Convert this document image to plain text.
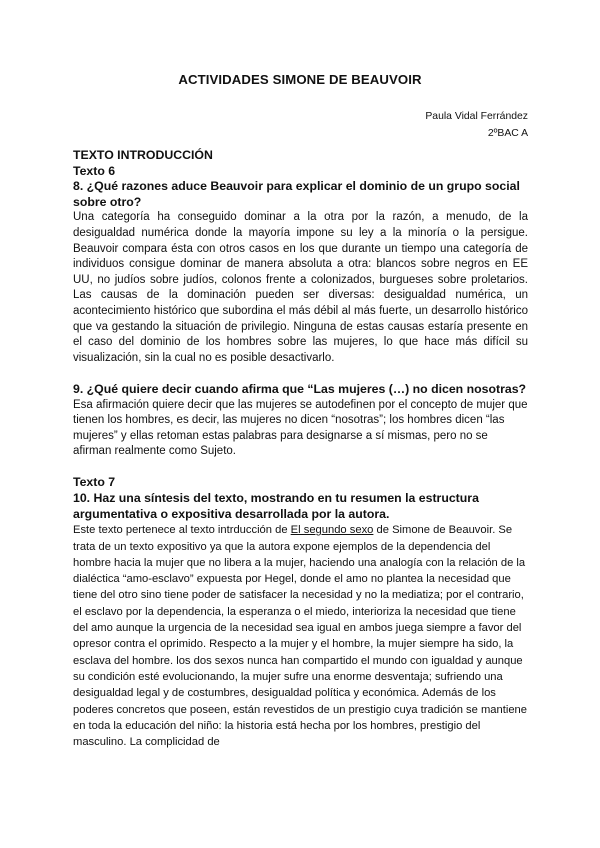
ACTIVIDADES SIMONE DE BEAUVOIR
Paula Vidal Ferrández
2ºBAC A
TEXTO INTRODUCCIÓN
Texto 6
8. ¿Qué razones aduce Beauvoir para explicar el dominio de un grupo social sobre otro?

Una categoría ha conseguido dominar a la otra por la razón, a menudo, de la desigualdad numérica donde la mayoría impone su ley a la minoría o la persigue. Beauvoir compara ésta con otros casos en los que durante un tiempo una categoría de individuos consigue dominar de manera absoluta a otra: blancos sobre negros en EE UU, no judíos sobre judíos, colonos frente a colonizados, burgueses sobre proletarios. Las causas de la dominación pueden ser diversas: desigualdad numérica, un acontecimiento histórico que subordina el más débil al más fuerte, un desarrollo histórico que va gestando la situación de privilegio. Ninguna de estas causas estaría presente en el caso del dominio de los hombres sobre las mujeres, lo que hace más difícil su visualización, sin la cual no es posible desactivarlo.

9. ¿Qué quiere decir cuando afirma que “Las mujeres (…) no dicen nosotras?

Esa afirmación quiere decir que las mujeres se autodefinen por el concepto de mujer que tienen los hombres, es decir, las mujeres no dicen “nosotras”; los hombres dicen “las mujeres” y ellas retoman estas palabras para designarse a sí mismas, pero no se afirman realmente como Sujeto.

Texto 7
10. Haz una síntesis del texto, mostrando en tu resumen la estructura argumentativa o expositiva desarrollada por la autora.

Este texto pertenece al texto intrducción de El segundo sexo de Simone de Beauvoir. Se trata de un texto expositivo ya que la autora expone ejemplos de la dependencia del hombre hacia la mujer que no libera a la mujer, haciendo una analogía con la relación de la dialéctica “amo-esclavo” expuesta por Hegel, donde el amo no plantea la necesidad que tiene del otro sino tiene poder de satisfacer la necesidad y no la mediatiza; por el contrario, el esclavo por la dependencia, la esperanza o el miedo, interioriza la necesidad que tiene del amo aunque la urgencia de la necesidad sea igual en ambos juega siempre a favor del opresor contra el oprimido. Respecto a la mujer y el hombre, la mujer siempre ha sido, la esclava del hombre. los dos sexos nunca han compartido el mundo con igualdad y aunque su condición esté evolucionando, la mujer sufre una enorme desventaja; sufriendo una desigualdad legal y de costumbres, desigualdad política y económica. Además de los poderes concretos que poseen, están revestidos de un prestigio cuya tradición se mantiene en toda la educación del niño: la historia está hecha por los hombres, prestigio del masculino. La complicidad de
